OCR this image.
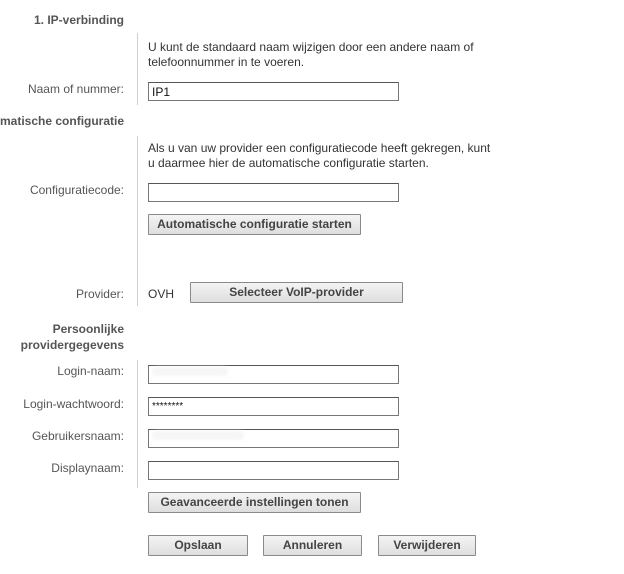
1. IP-verbinding
U kunt de standaard naam wijzigen door een andere naam of
telefoonnummer in te voeren.
Naam of nummer:
IP1
matische configuratie
Als u van uw provider een configuratiecode heeft gekregen, kunt
u daarmee hier de automatische configuratie starten.
Configuratiecode:
Automatische configuratie starten
Provider: OVH	Selecteer VoIP-provider
Persoonlijke
providergegevens
Login-naam:
Login-wachtwoord:
********
Gebruikersnaam:
Displaynaam:
Geavanceerde instellingen tonen
Opslaan	Annuleren	Verwijderen
